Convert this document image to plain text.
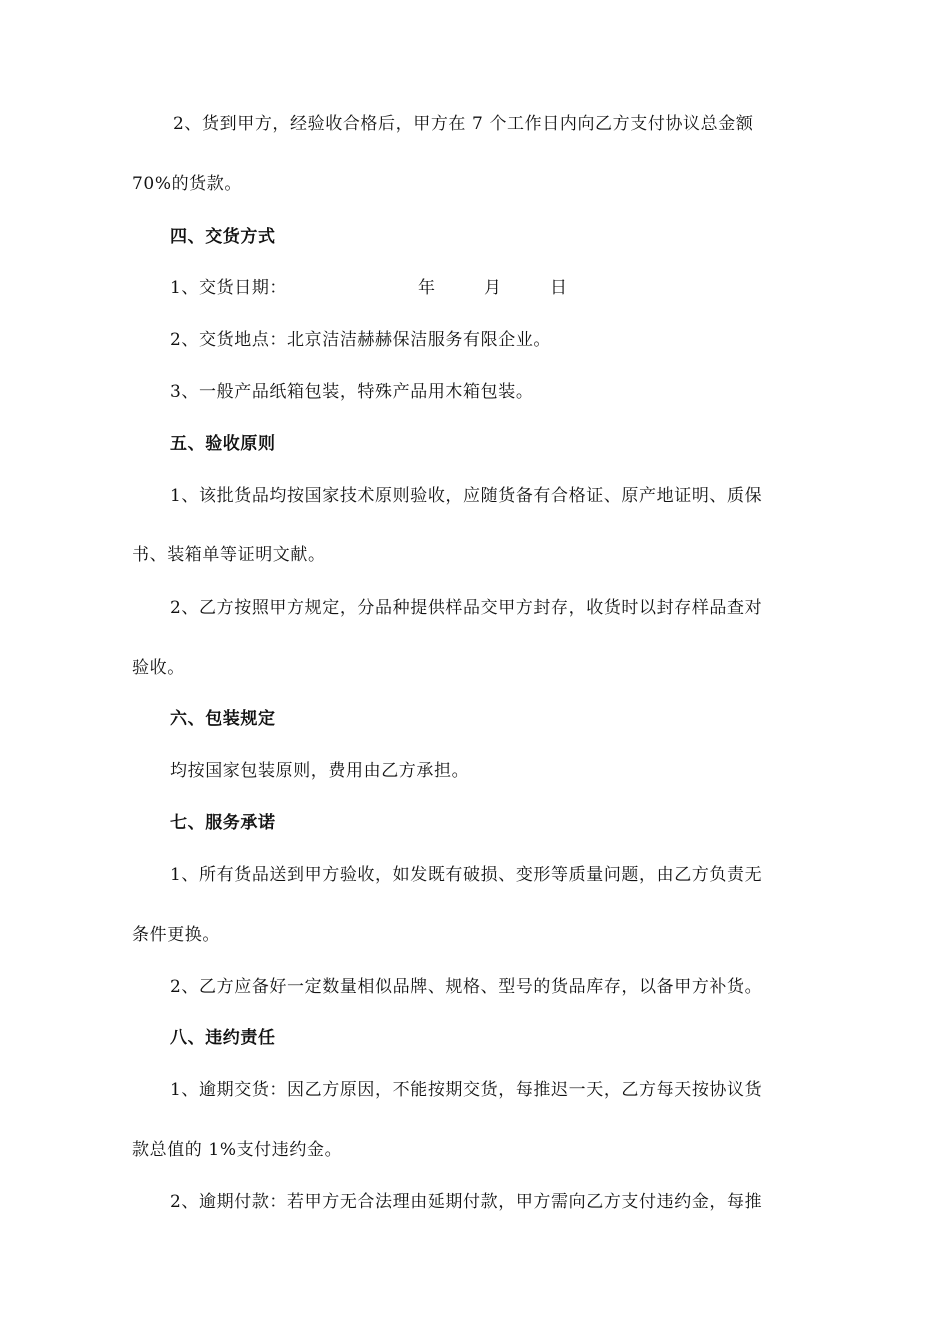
2、货到甲方，经验收合格后，甲方在 7 个工作日内向乙方支付协议总金额
70%的货款。
四、交货方式
1、交货日期：	年	月	日
2、交货地点：北京洁洁赫赫保洁服务有限企业。
3、一般产品纸箱包装，特殊产品用木箱包装。
五、验收原则
1、该批货品均按国家技术原则验收，应随货备有合格证、原产地证明、质保
书、装箱单等证明文献。
2、乙方按照甲方规定，分品种提供样品交甲方封存，收货时以封存样品查对
验收。
六、包装规定
均按国家包装原则，费用由乙方承担。
七、服务承诺
1、所有货品送到甲方验收，如发既有破损、变形等质量问题，由乙方负责无
条件更换。
2、乙方应备好一定数量相似品牌、规格、型号的货品库存，以备甲方补货。
八、违约责任
1、逾期交货：因乙方原因，不能按期交货，每推迟一天，乙方每天按协议货
款总值的 1%支付违约金。
2、逾期付款：若甲方无合法理由延期付款，甲方需向乙方支付违约金，每推
